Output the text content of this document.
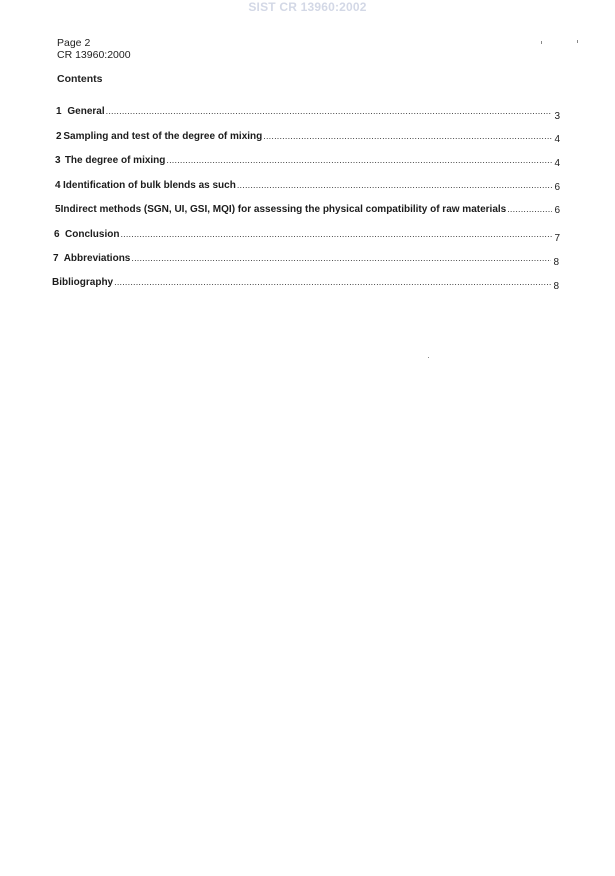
SIST CR 13960:2002
Page 2
CR 13960:2000
Contents
1 General .....	3
2 Sampling and test of the degree of mixing .....	4
3 The degree of mixing .....	4
4 Identification of bulk blends as such .....	6
5 Indirect methods (SGN, UI, GSI, MQI) for assessing the physical compatibility of raw materials .....	6
6 Conclusion .....	7
7 Abbreviations .....	8
Bibliography .....	8
